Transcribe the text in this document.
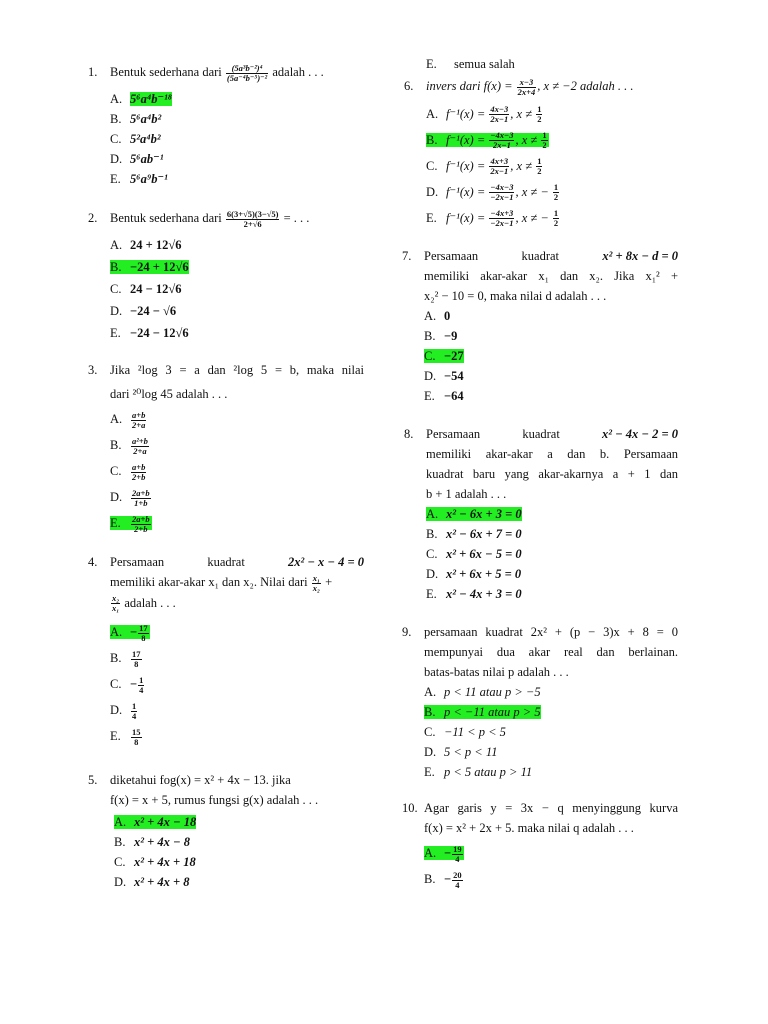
1.	Bentuk sederhana dari $\frac{\text{(5a³b⁻²)⁴}}{\text{(5a⁻⁴b⁻⁵)⁻²}}$ adalah . . .
A. 5⁶a⁴b⁻¹⁸
B. 5⁶a⁴b²
C. 5²a⁴b²
D. 5⁶ab⁻¹
E. 5⁶a⁹b⁻¹
2.	Bentuk sederhana dari $\frac{6(3+√5)(3-√5)}{2+√6}$ = . . .
A. 24 + 12√6
B. −24 + 12√6
C. 24 − 12√6
D. −24 − √6
E. −24 − 12√6
3.	Jika ²log 3 = a dan ²log 5 = b, maka nilai
dari ²⁰log 45 adalah . . .
A. $\frac{a+b}{2+a}$
B. $\frac{\text{a²+b}}{2+a}$
C. $\frac{a+b}{2+b}$
D. $\frac{2a+b}{1+b}$
E. $\frac{2a+b}{2+b}$
4.	Persamaan	kuadrat	2x² − x − 4 = 0
memiliki akar-akar x₁ dan x₂. Nilai dari $\frac{\text{x₁}}{\text{x₂}}$ +
$\frac{\text{x₂}}{\text{x₁}}$ adalah . . .
A. − $\frac{17}{8}$
B. $\frac{17}{8}$
C. − $\frac{1}{4}$
D. $\frac{1}{4}$
E. $\frac{15}{8}$
5.	diketahui fog(x) = x² + 4x − 13. jika
f(x) = x + 5, rumus fungsi g(x) adalah . . .
A. x² + 4x − 18
B. x² + 4x − 8
C. x² + 4x + 18
D. x² + 4x + 8
E. semua salah
6.	invers dari $f(x) = \frac{x-3}{2x+4}$ , x ≠ −2 adalah . . .
A. $f^{-1}(x) = \frac{4x-3}{2x-1}$ , $x \ne \frac{1}{2}$
B. $f^{-1}(x) = \frac{-4x-3}{2x-1}$ , $x \ne \frac{1}{2}$
C. $f^{-1}(x) = \frac{4x+3}{2x-1}$ , $x \ne \frac{1}{2}$
D. $f^{-1}(x) = \frac{-4x-3}{-2x-1}$ , x ≠ − $\frac{1}{2}$
E. $f^{-1}(x) = \frac{-4x+3}{-2x-1}$ , x ≠ − $\frac{1}{2}$
7.	Persamaan	kuadrat	x² + 8x − d = 0
memiliki akar-akar x₁ dan x₂. Jika x₁² +
x₂² − 10 = 0, maka nilai d adalah . . .
A. 0
B. −9
C. −27
D. −54
E. −64
8.	Persamaan	kuadrat	x² − 4x − 2 = 0
memiliki akar-akar a dan b. Persamaan
kuadrat baru yang akar-akarnya a + 1 dan
b + 1 adalah . . .
A. x² − 6x + 3 = 0
B. x² − 6x + 7 = 0
C. x² + 6x − 5 = 0
D. x² + 6x + 5 = 0
E. x² − 4x + 3 = 0
9.	persamaan kuadrat 2x² + (p − 3)x + 8 = 0
mempunyai dua akar real dan berlainan.
batas-batas nilai p adalah . . .
A. p < 11 atau p > −5
B. p < −11 atau p > 5
C. −11 < p < 5
D. 5 < p < 11
E. p < 5 atau p > 11
10. Agar garis y = 3x − q menyinggung kurva
f(x) = x² + 2x + 5. maka nilai q adalah . . .
A. − $\frac{19}{4}$
B. − $\frac{20}{4}$
